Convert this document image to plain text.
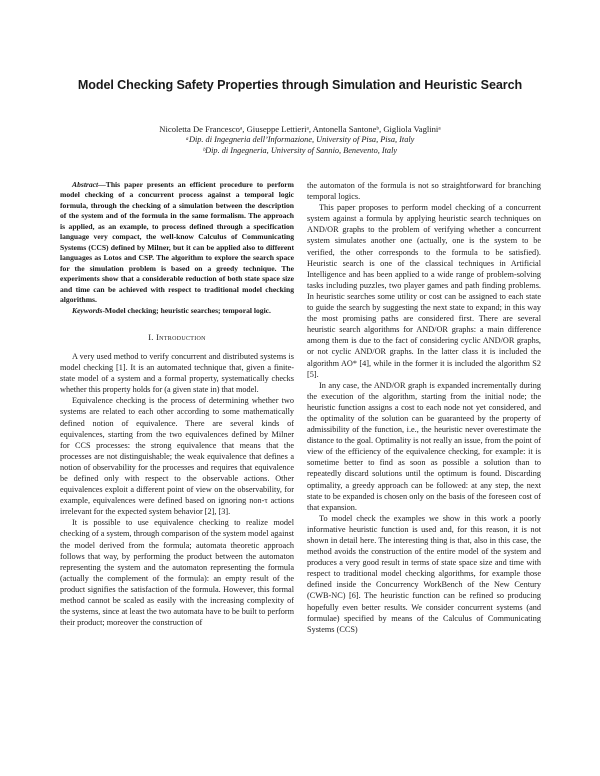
Model Checking Safety Properties through Simulation and Heuristic Search
Nicoletta De Francescoᵃ, Giuseppe Lettieriᵃ, Antonella Santoneᵇ, Gigliola Vagliniᵃ
ᵃDip. di Ingegneria dell’Informazione, University of Pisa, Pisa, Italy
ᵇDip. di Ingegneria, University of Sannio, Benevento, Italy

Abstract—This paper presents an efficient procedure to perform model checking of a concurrent process against a temporal logic formula, through the checking of a simulation between the description of the system and of the formula in the same formalism. The approach is applied, as an example, to process defined through a specification language very compact, the well-know Calculus of Communicating Systems (CCS) defined by Milner, but it can be applied also to different languages as Lotos and CSP. The algorithm to explore the search space for the simulation problem is based on a greedy technique. The experiments show that a considerable reduction of both state space size and time can be achieved with respect to traditional model checking algorithms.

Keywords-Model checking; heuristic searches; temporal logic.

I. Introduction

A very used method to verify concurrent and distributed systems is model checking [1]. It is an automated technique that, given a finite-state model of a system and a formal property, systematically checks whether this property holds for (a given state in) that model.

Equivalence checking is the process of determining whether two systems are related to each other according to some mathematically defined notion of equivalence. There are several kinds of equivalences, starting from the two equivalences defined by Milner for CCS processes: the strong equivalence that means that the processes are not distinguishable; the weak equivalence that defines a notion of observability for the processes and requires that equivalence be defined only with respect to the observable actions. Other equivalences exploit a different point of view on the observability, for example, equivalences were defined based on ignoring non-τ actions irrelevant for the expected system behavior [2], [3].

It is possible to use equivalence checking to realize model checking of a system, through comparison of the system model against the model derived from the formula; automata theoretic approach follows that way, by performing the product between the automaton representing the system and the automaton representing the formula (actually the complement of the formula): an empty result of the product signifies the satisfaction of the formula. However, this formal method cannot be scaled as easily with the increasing complexity of the systems, since at least the two automata have to be built to perform their product; moreover the construction of

the automaton of the formula is not so straightforward for branching temporal logics.

This paper proposes to perform model checking of a concurrent system against a formula by applying heuristic search techniques on AND/OR graphs to the problem of verifying whether a concurrent system simulates another one (actually, one is the system to be verified, the other corresponds to the formula to be satisfied). Heuristic search is one of the classical techniques in Artificial Intelligence and has been applied to a wide range of problem-solving tasks including puzzles, two player games and path finding problems. In heuristic searches some utility or cost can be assigned to each state to guide the search by suggesting the next state to expand; in this way the most promising paths are considered first. There are several heuristic search algorithms for AND/OR graphs: a main difference among them is due to the fact of considering cyclic AND/OR graphs, or not cyclic AND/OR graphs. In the latter class it is included the algorithm AO* [4], while in the former it is included the algorithm S2 [5].

In any case, the AND/OR graph is expanded incrementally during the execution of the algorithm, starting from the initial node; the heuristic function assigns a cost to each node not yet considered, and the optimality of the solution can be guaranteed by the property of admissibility of the function, i.e., the heuristic never overestimate the distance to the goal. Optimality is not really an issue, from the point of view of the efficiency of the equivalence checking, for example: it is sometime better to find as soon as possible a solution than to repeatedly discard solutions until the optimum is found. Discarding optimality, a greedy approach can be followed: at any step, the next state to be expanded is chosen only on the basis of the foreseen cost of that expansion.

To model check the examples we show in this work a poorly informative heuristic function is used and, for this reason, it is not shown in detail here. The interesting thing is that, also in this case, the method avoids the construction of the entire model of the system and produces a very good result in terms of state space size and time with respect to traditional model checking algorithms, for example those defined inside the Concurrency WorkBench of the New Century (CWB-NC) [6]. The heuristic function can be refined so producing hopefully even better results. We consider concurrent systems (and formulae) specified by means of the Calculus of Communicating Systems (CCS)
